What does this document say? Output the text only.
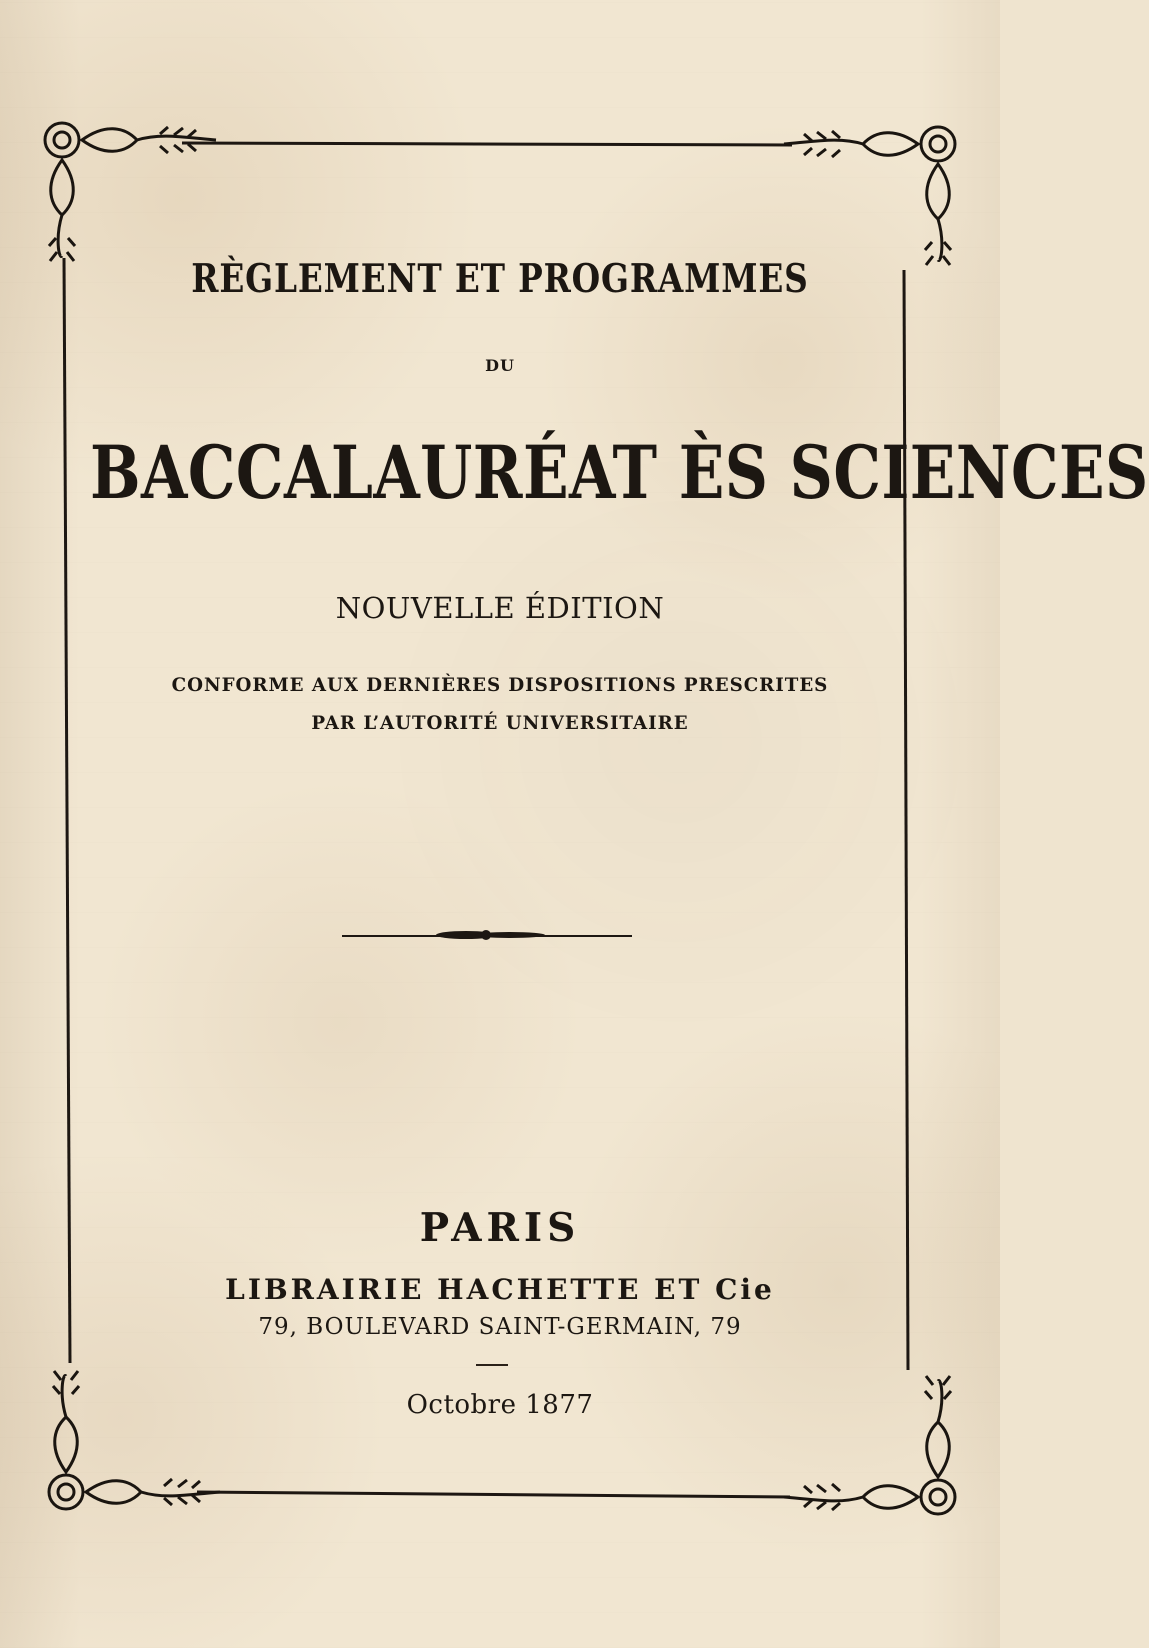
RÈGLEMENT ET PROGRAMMES
DU
BACCALAURÉAT ÈS SCIENCES
NOUVELLE ÉDITION
CONFORME AUX DERNIÈRES DISPOSITIONS PRESCRITES
PAR L’AUTORITÉ UNIVERSITAIRE
PARIS
LIBRAIRIE HACHETTE ET Cie
79, BOULEVARD SAINT-GERMAIN, 79
Octobre 1877
